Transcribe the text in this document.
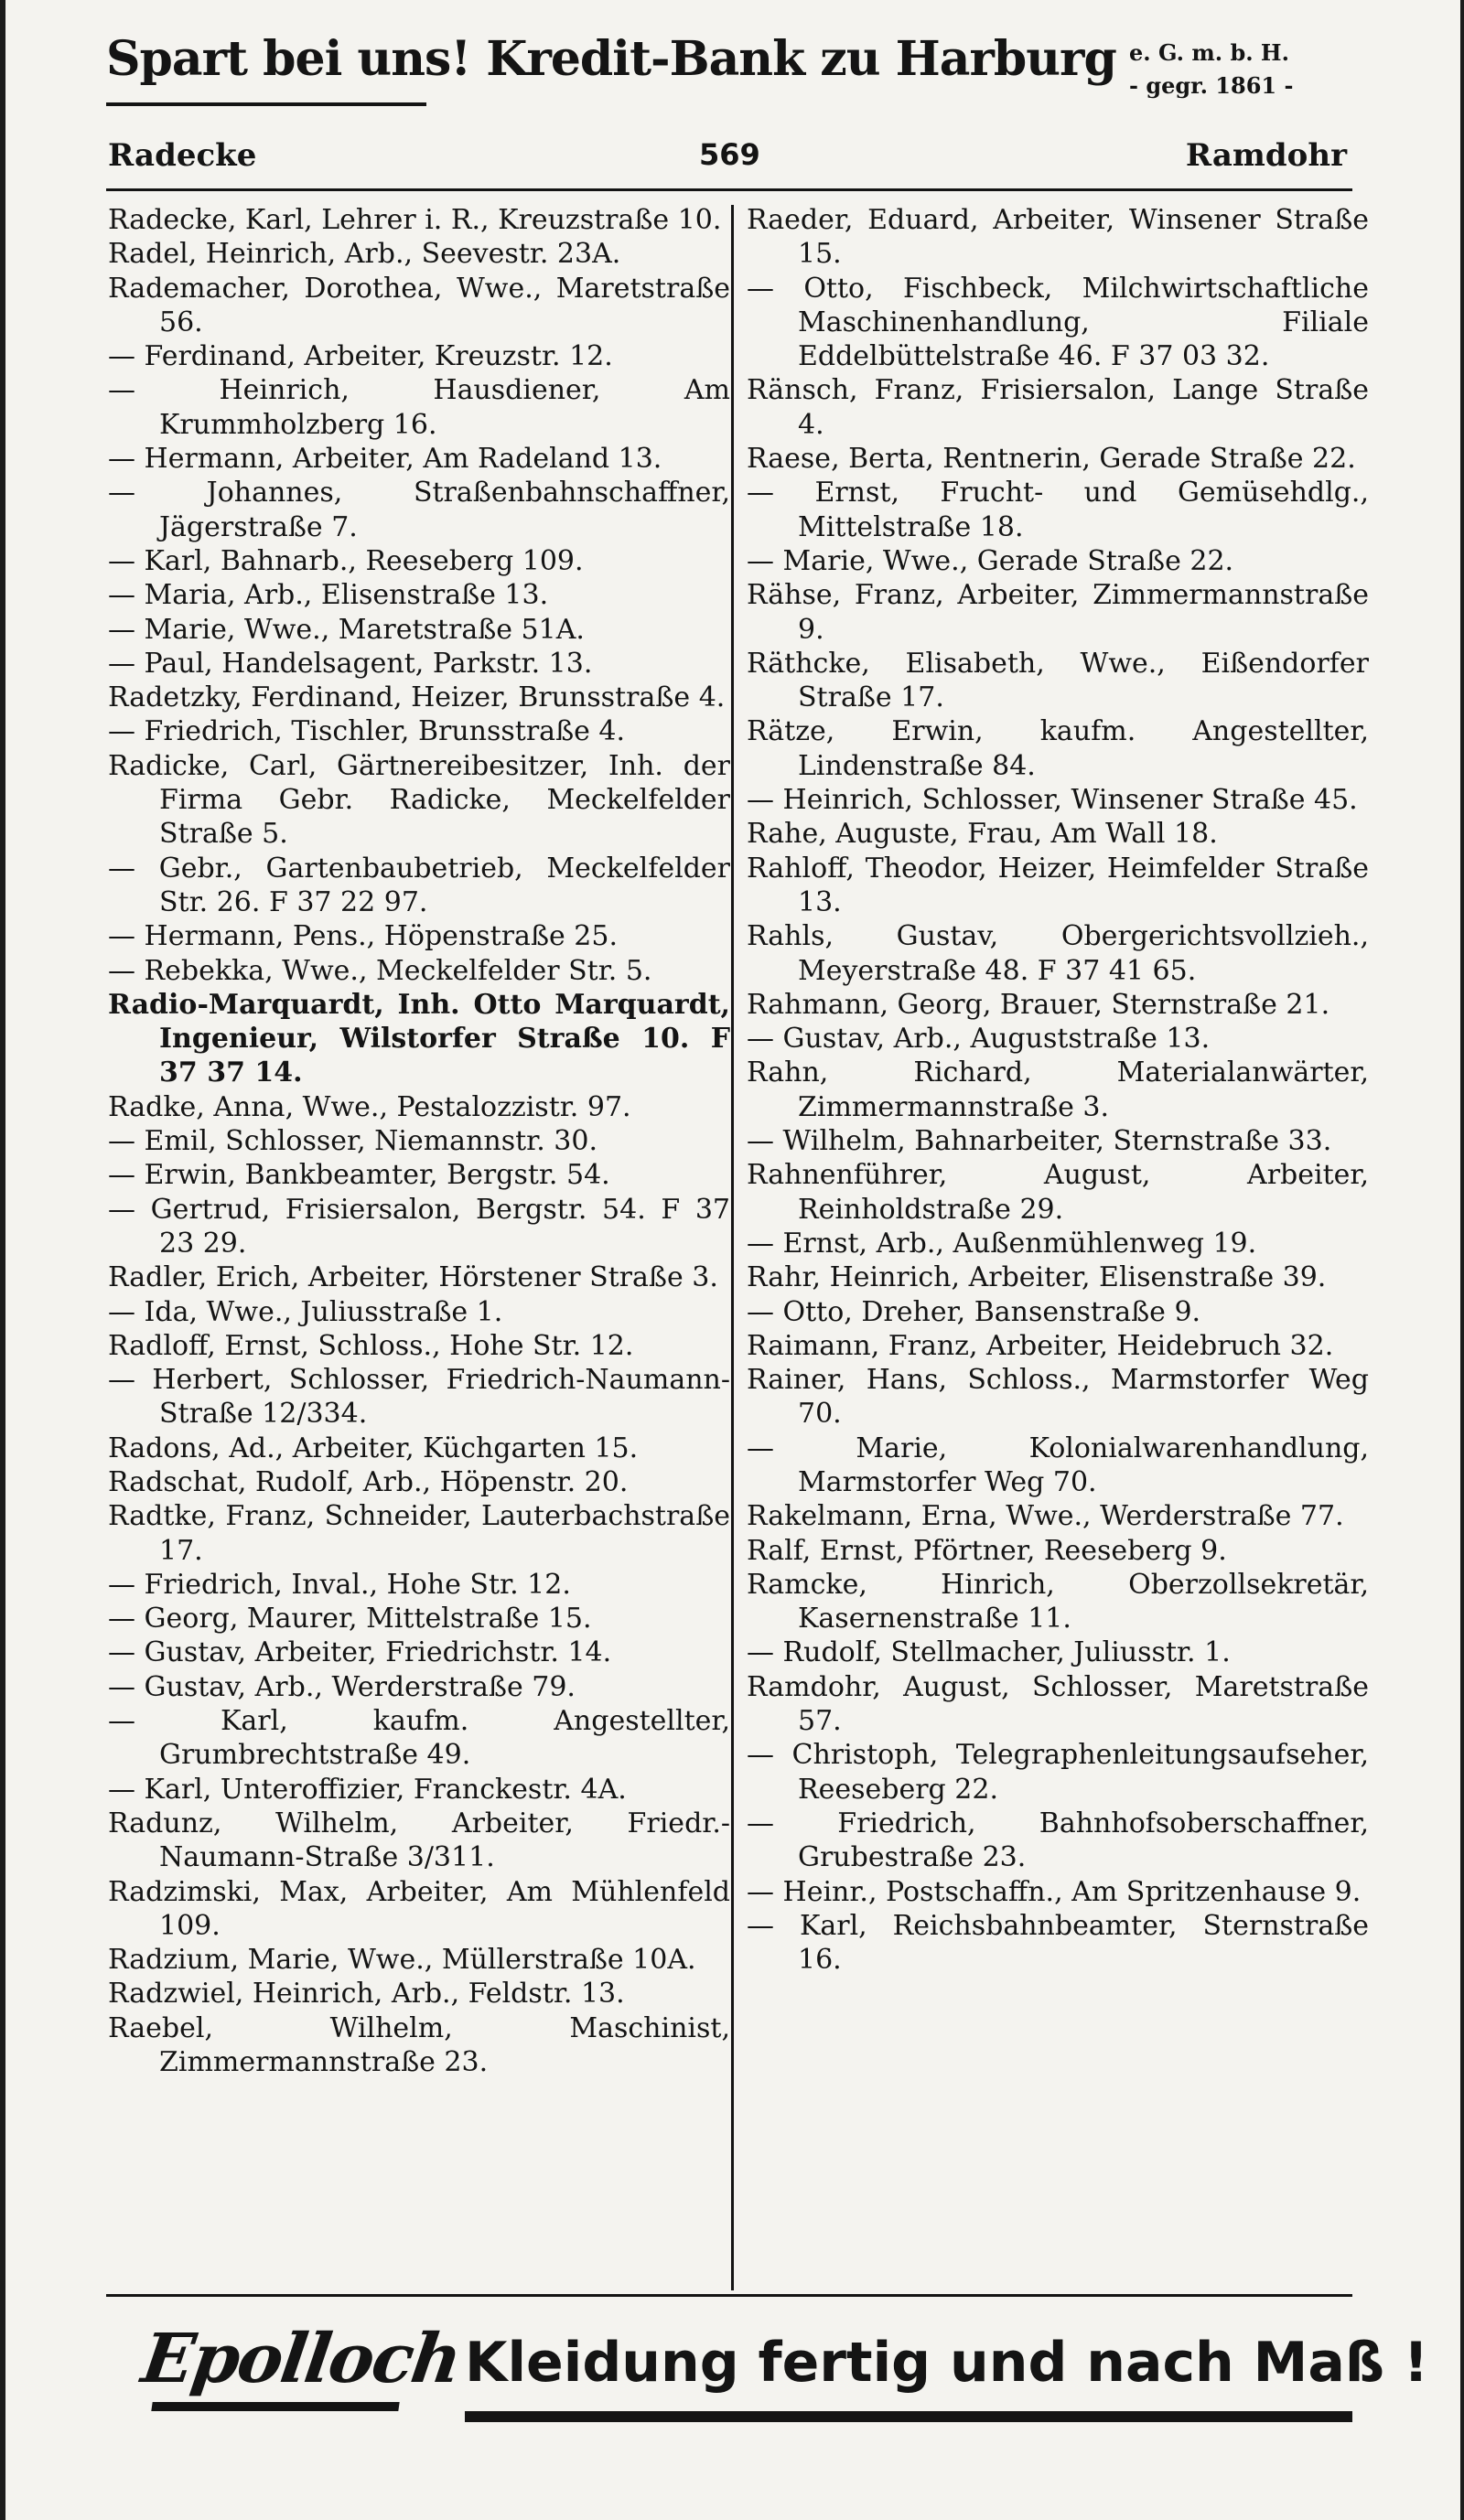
Spart bei uns! Kredit-Bank zu Harburg e. G. m. b. H.
- gegr. 1861 -
Radecke	569	Ramdohr
Radecke, Karl, Lehrer i. R., Kreuzstraße 10.
Radel, Heinrich, Arb., Seevestr. 23A.
Rademacher, Dorothea, Wwe., Maretstraße 56.
— Ferdinand, Arbeiter, Kreuzstr. 12.
— Heinrich, Hausdiener, Am Krummholzberg 16.
— Hermann, Arbeiter, Am Radeland 13.
— Johannes, Straßenbahnschaffner, Jägerstraße 7.
— Karl, Bahnarb., Reeseberg 109.
— Maria, Arb., Elisenstraße 13.
— Marie, Wwe., Maretstraße 51A.
— Paul, Handelsagent, Parkstr. 13.
Radetzky, Ferdinand, Heizer, Brunsstraße 4.
— Friedrich, Tischler, Brunsstraße 4.
Radicke, Carl, Gärtnereibesitzer, Inh. der Firma Gebr. Radicke, Meckelfelder Straße 5.
— Gebr., Gartenbaubetrieb, Meckelfelder Str. 26. F 37 22 97.
— Hermann, Pens., Höpenstraße 25.
— Rebekka, Wwe., Meckelfelder Str. 5.
Radio-Marquardt, Inh. Otto Marquardt, Ingenieur, Wilstorfer Straße 10. F 37 37 14.
Radke, Anna, Wwe., Pestalozzistr. 97.
— Emil, Schlosser, Niemannstr. 30.
— Erwin, Bankbeamter, Bergstr. 54.
— Gertrud, Frisiersalon, Bergstr. 54. F 37 23 29.
Radler, Erich, Arbeiter, Hörstener Straße 3.
— Ida, Wwe., Juliusstraße 1.
Radloff, Ernst, Schloss., Hohe Str. 12.
— Herbert, Schlosser, Friedrich-Naumann-Straße 12/334.
Radons, Ad., Arbeiter, Küchgarten 15.
Radschat, Rudolf, Arb., Höpenstr. 20.
Radtke, Franz, Schneider, Lauterbachstraße 17.
— Friedrich, Inval., Hohe Str. 12.
— Georg, Maurer, Mittelstraße 15.
— Gustav, Arbeiter, Friedrichstr. 14.
— Gustav, Arb., Werderstraße 79.
— Karl, kaufm. Angestellter, Grumbrechtstraße 49.
— Karl, Unteroffizier, Franckestr. 4A.
Radunz, Wilhelm, Arbeiter, Friedr.-Naumann-Straße 3/311.
Radzimski, Max, Arbeiter, Am Mühlenfeld 109.
Radzium, Marie, Wwe., Müllerstraße 10A.
Radzwiel, Heinrich, Arb., Feldstr. 13.
Raebel, Wilhelm, Maschinist, Zimmermannstraße 23.
Raeder, Eduard, Arbeiter, Winsener Straße 15.
— Otto, Fischbeck, Milchwirtschaftliche Maschinenhandlung, Filiale Eddelbüttelstraße 46. F 37 03 32.
Ränsch, Franz, Frisiersalon, Lange Straße 4.
Raese, Berta, Rentnerin, Gerade Straße 22.
— Ernst, Frucht- und Gemüsehdlg., Mittelstraße 18.
— Marie, Wwe., Gerade Straße 22.
Rähse, Franz, Arbeiter, Zimmermannstraße 9.
Räthcke, Elisabeth, Wwe., Eißendorfer Straße 17.
Rätze, Erwin, kaufm. Angestellter, Lindenstraße 84.
— Heinrich, Schlosser, Winsener Straße 45.
Rahe, Auguste, Frau, Am Wall 18.
Rahloff, Theodor, Heizer, Heimfelder Straße 13.
Rahls, Gustav, Obergerichtsvollzieh., Meyerstraße 48. F 37 41 65.
Rahmann, Georg, Brauer, Sternstraße 21.
— Gustav, Arb., Auguststraße 13.
Rahn, Richard, Materialanwärter, Zimmermannstraße 3.
— Wilhelm, Bahnarbeiter, Sternstraße 33.
Rahnenführer, August, Arbeiter, Reinholdstraße 29.
— Ernst, Arb., Außenmühlenweg 19.
Rahr, Heinrich, Arbeiter, Elisenstraße 39.
— Otto, Dreher, Bansenstraße 9.
Raimann, Franz, Arbeiter, Heidebruch 32.
Rainer, Hans, Schloss., Marmstorfer Weg 70.
— Marie, Kolonialwarenhandlung, Marmstorfer Weg 70.
Rakelmann, Erna, Wwe., Werderstraße 77.
Ralf, Ernst, Pförtner, Reeseberg 9.
Ramcke, Hinrich, Oberzollsekretär, Kasernenstraße 11.
— Rudolf, Stellmacher, Juliusstr. 1.
Ramdohr, August, Schlosser, Maretstraße 57.
— Christoph, Telegraphenleitungsaufseher, Reeseberg 22.
— Friedrich, Bahnhofsoberschaffner, Grubestraße 23.
— Heinr., Postschaffn., Am Spritzenhause 9.
— Karl, Reichsbahnbeamter, Sternstraße 16.
Epolloch Kleidung fertig und nach Maß !
